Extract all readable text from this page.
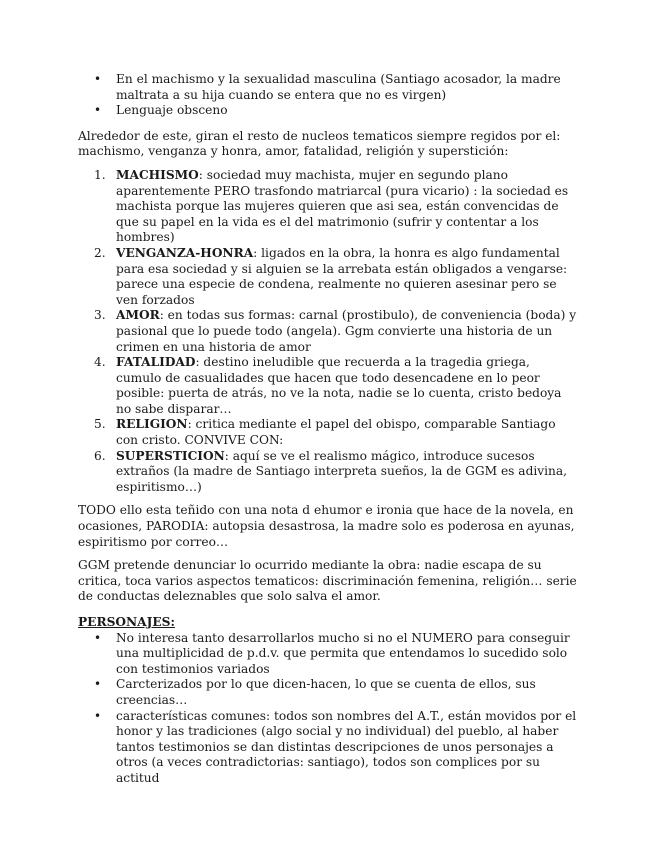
• En el machismo y la sexualidad masculina (Santiago acosador, la madre maltrata a su hija cuando se entera que no es virgen)
• Lenguaje obsceno

Alrededor de este, giran el resto de nucleos tematicos siempre regidos por el: machismo, venganza y honra, amor, fatalidad, religión y superstición:

MACHISMO: sociedad muy machista, mujer en segundo plano aparentemente PERO trasfondo matriarcal (pura vicario) : la sociedad es machista porque las mujeres quieren que asi sea, están convencidas de que su papel en la vida es el del matrimonio (sufrir y contentar a los hombres)
VENGANZA-HONRA: ligados en la obra, la honra es algo fundamental para esa sociedad y si alguien se la arrebata están obligados a vengarse: parece una especie de condena, realmente no quieren asesinar pero se ven forzados
AMOR: en todas sus formas: carnal (prostibulo), de conveniencia (boda) y pasional que lo puede todo (angela). Ggm convierte una historia de un crimen en una historia de amor
FATALIDAD: destino ineludible que recuerda a la tragedia griega, cumulo de casualidades que hacen que todo desencadene en lo peor posible: puerta de atrás, no ve la nota, nadie se lo cuenta, cristo bedoya no sabe disparar…
RELIGION: critica mediante el papel del obispo, comparable Santiago con cristo. CONVIVE CON:
SUPERSTICION: aquí se ve el realismo mágico, introduce sucesos extraños (la madre de Santiago interpreta sueños, la de GGM es adivina, espiritismo…)

TODO ello esta teñido con una nota d ehumor e ironia que hace de la novela, en ocasiones, PARODIA: autopsia desastrosa, la madre solo es poderosa en ayunas, espiritismo por correo…

GGM pretende denunciar lo ocurrido mediante la obra: nadie escapa de su critica, toca varios aspectos tematicos: discriminación femenina, religión… serie de conductas deleznables que solo salva el amor.

PERSONAJES:

• No interesa tanto desarrollarlos mucho si no el NUMERO para conseguir una multiplicidad de p.d.v. que permita que entendamos lo sucedido solo con testimonios variados
• Carcterizados por lo que dicen-hacen, lo que se cuenta de ellos, sus creencias…
• características comunes: todos son nombres del A.T., están movidos por el honor y las tradiciones (algo social y no individual) del pueblo, al haber tantos testimonios se dan distintas descripciones de unos personajes a otros (a veces contradictorias: santiago), todos son complices por su actitud
